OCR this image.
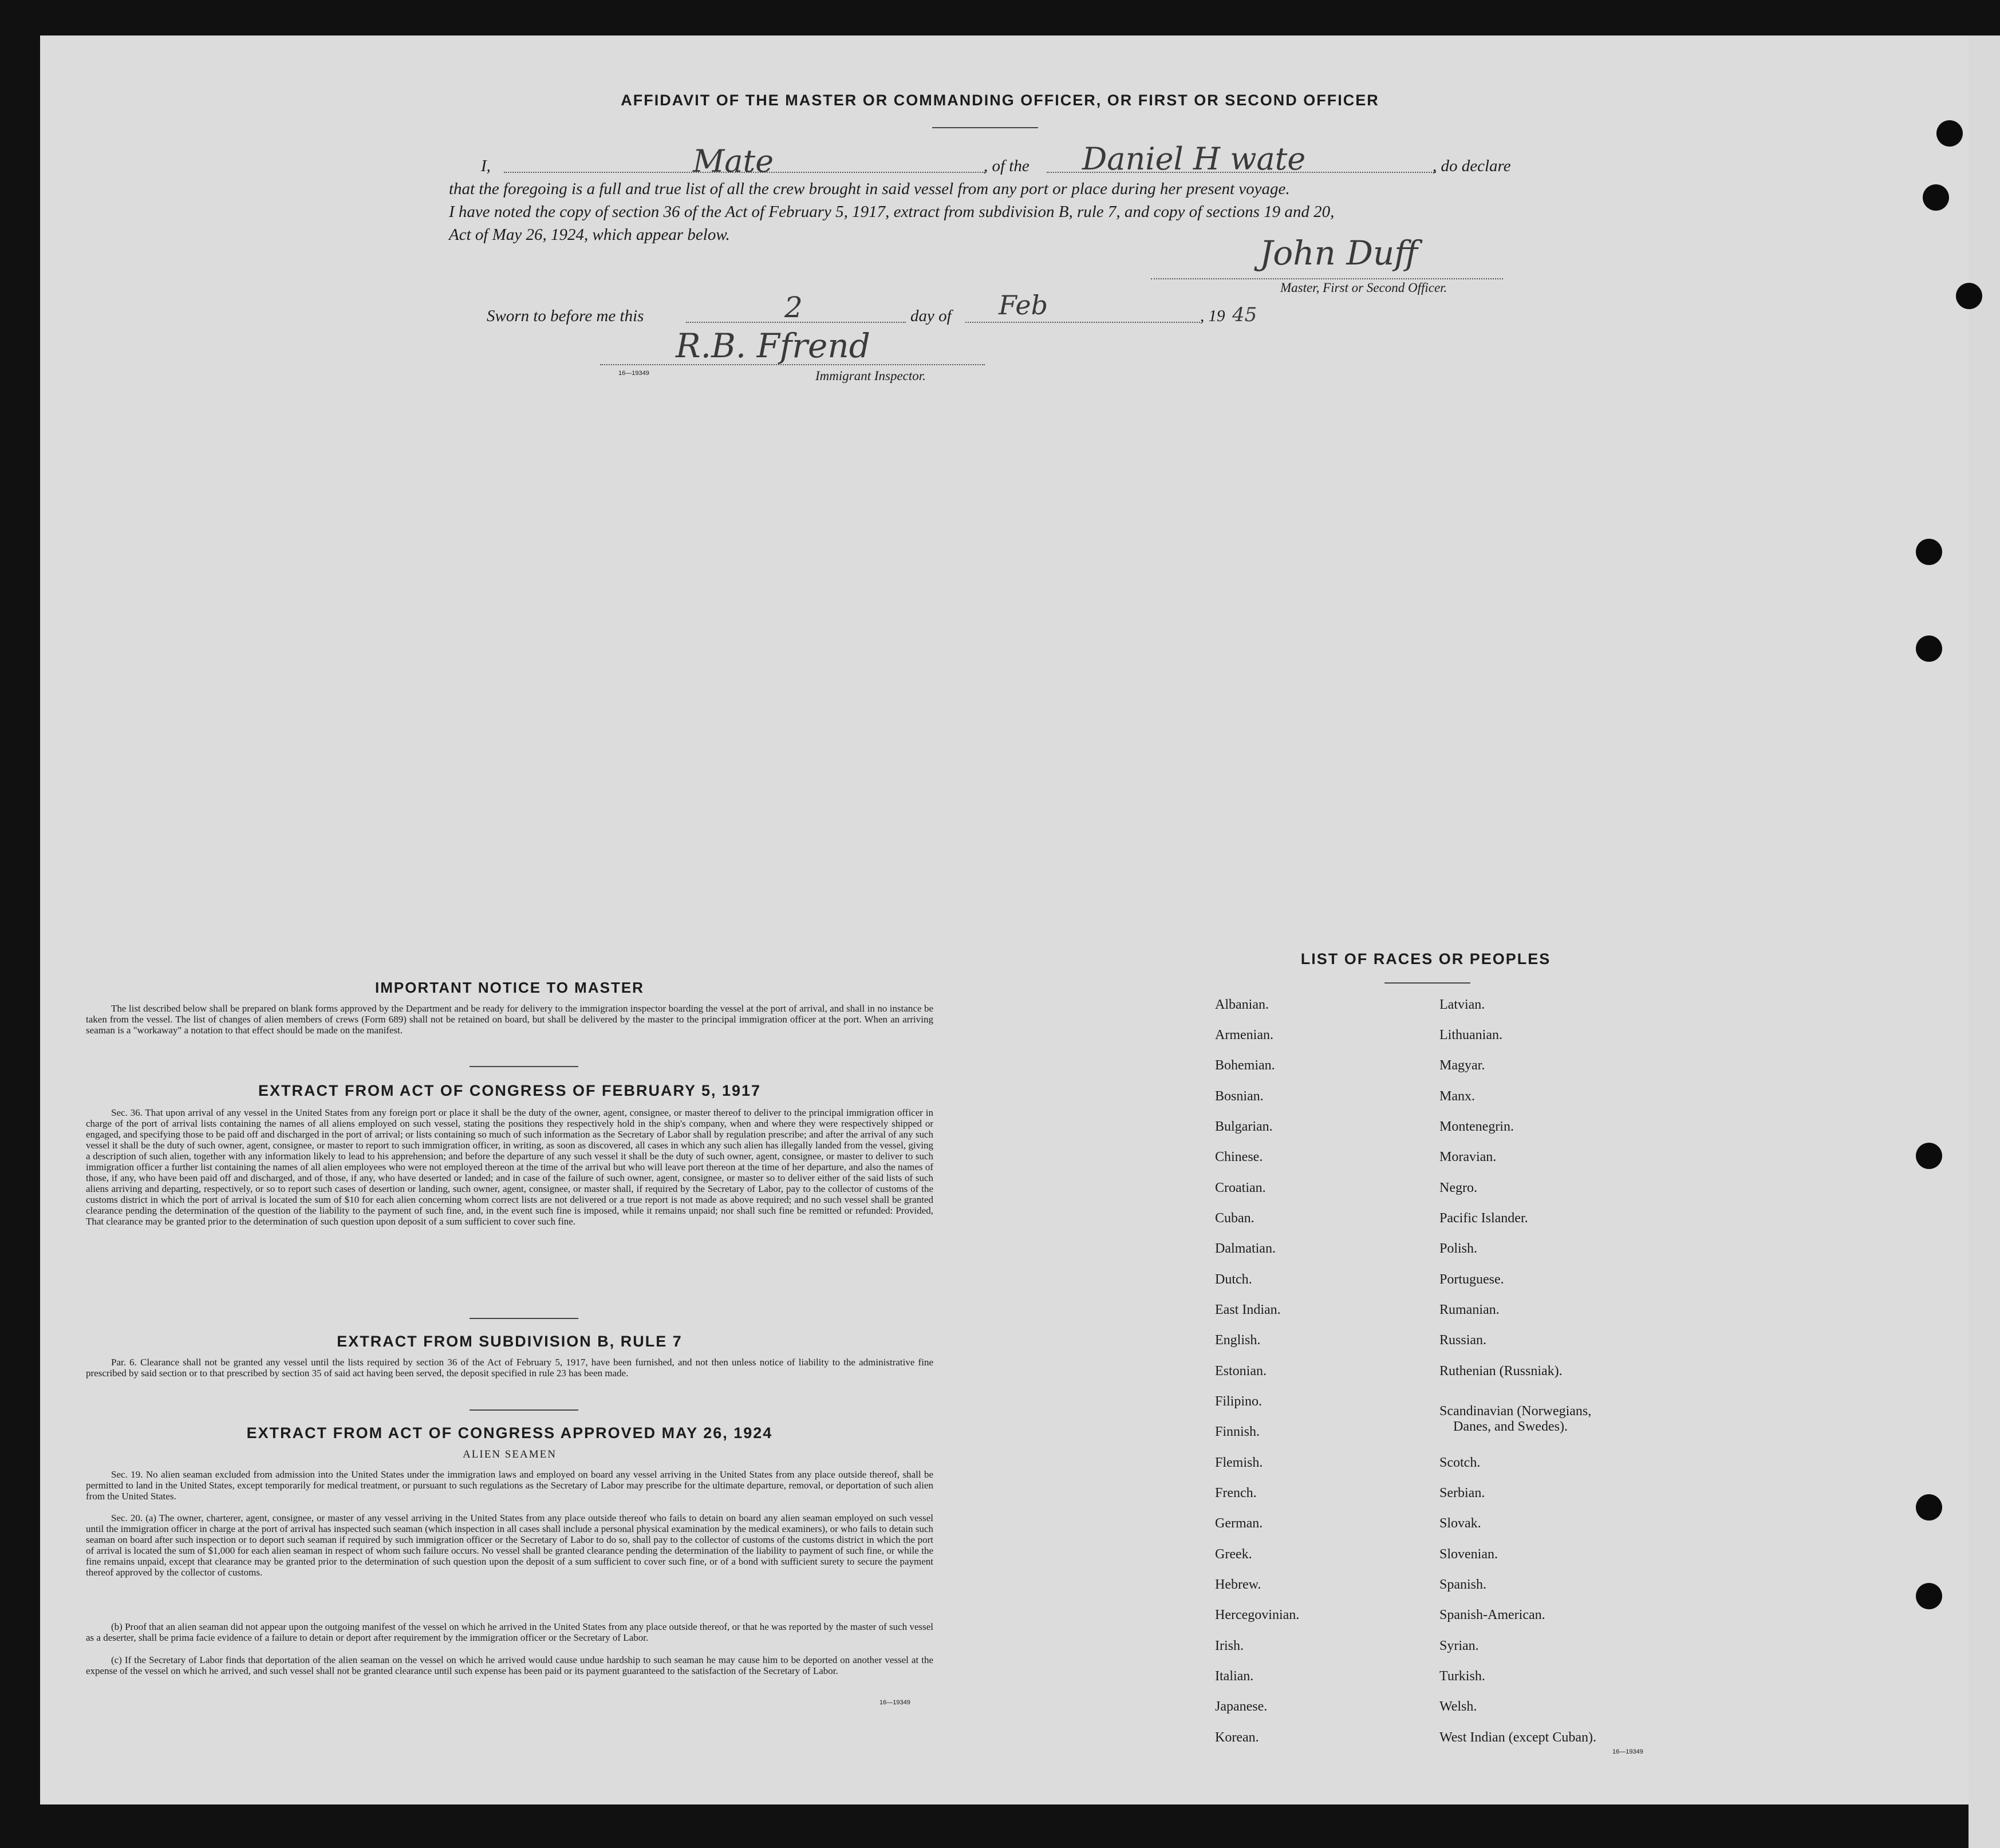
AFFIDAVIT OF THE MASTER OR COMMANDING OFFICER, OR FIRST OR SECOND OFFICER
I,	Mate	, of the Daniel H wate	, do declare
that the foregoing is a full and true list of all the crew brought in said vessel from any port or place during her present voyage.
I have noted the copy of section 36 of the Act of February 5, 1917, extract from subdivision B, rule 7, and copy of sections 19 and 20,
Act of May 26, 1924, which appear below.	John Duff
Master, First or Second Officer.
Sworn to before me this	2	day of Feb	, 19 45
R.B. Ffrend
16—19349	Immigrant Inspector.
IMPORTANT NOTICE TO MASTER
The list described below shall be prepared on blank forms approved by the Department and be ready for delivery to the immigration inspector boarding the vessel at the port of arrival, and shall in no instance be taken from the vessel. The list of changes of alien members of crews (Form 689) shall not be retained on board, but shall be delivered by the master to the principal immigration officer at the port. When an arriving seaman is a "workaway" a notation to that effect should be made on the manifest.
EXTRACT FROM ACT OF CONGRESS OF FEBRUARY 5, 1917
Sec. 36. That upon arrival of any vessel in the United States from any foreign port or place it shall be the duty of the owner, agent, consignee, or master thereof to deliver to the principal immigration officer in charge of the port of arrival lists containing the names of all aliens employed on such vessel, stating the positions they respectively hold in the ship's company, when and where they were respectively shipped or engaged, and specifying those to be paid off and discharged in the port of arrival; or lists containing so much of such information as the Secretary of Labor shall by regulation prescribe; and after the arrival of any such vessel it shall be the duty of such owner, agent, consignee, or master to report to such immigration officer, in writing, as soon as discovered, all cases in which any such alien has illegally landed from the vessel, giving a description of such alien, together with any information likely to lead to his apprehension; and before the departure of any such vessel it shall be the duty of such owner, agent, consignee, or master to deliver to such immigration officer a further list containing the names of all alien employees who were not employed thereon at the time of the arrival but who will leave port thereon at the time of her departure, and also the names of those, if any, who have been paid off and discharged, and of those, if any, who have deserted or landed; and in case of the failure of such owner, agent, consignee, or master so to deliver either of the said lists of such aliens arriving and departing, respectively, or so to report such cases of desertion or landing, such owner, agent, consignee, or master shall, if required by the Secretary of Labor, pay to the collector of customs of the customs district in which the port of arrival is located the sum of $10 for each alien concerning whom correct lists are not delivered or a true report is not made as above required; and no such vessel shall be granted clearance pending the determination of the question of the liability to the payment of such fine, and, in the event such fine is imposed, while it remains unpaid; nor shall such fine be remitted or refunded: Provided, That clearance may be granted prior to the determination of such question upon deposit of a sum sufficient to cover such fine.
EXTRACT FROM SUBDIVISION B, RULE 7
Par. 6. Clearance shall not be granted any vessel until the lists required by section 36 of the Act of February 5, 1917, have been furnished, and not then unless notice of liability to the administrative fine prescribed by said section or to that prescribed by section 35 of said act having been served, the deposit specified in rule 23 has been made.
EXTRACT FROM ACT OF CONGRESS APPROVED MAY 26, 1924
ALIEN SEAMEN
Sec. 19. No alien seaman excluded from admission into the United States under the immigration laws and employed on board any vessel arriving in the United States from any place outside thereof, shall be permitted to land in the United States, except temporarily for medical treatment, or pursuant to such regulations as the Secretary of Labor may prescribe for the ultimate departure, removal, or deportation of such alien from the United States.
Sec. 20. (a) The owner, charterer, agent, consignee, or master of any vessel arriving in the United States from any place outside thereof who fails to detain on board any alien seaman employed on such vessel until the immigration officer in charge at the port of arrival has inspected such seaman (which inspection in all cases shall include a personal physical examination by the medical examiners), or who fails to detain such seaman on board after such inspection or to deport such seaman if required by such immigration officer or the Secretary of Labor to do so, shall pay to the collector of customs of the customs district in which the port of arrival is located the sum of $1,000 for each alien seaman in respect of whom such failure occurs. No vessel shall be granted clearance pending the determination of the liability to payment of such fine, or while the fine remains unpaid, except that clearance may be granted prior to the determination of such question upon the deposit of a sum sufficient to cover such fine, or of a bond with sufficient surety to secure the payment thereof approved by the collector of customs.
(b) Proof that an alien seaman did not appear upon the outgoing manifest of the vessel on which he arrived in the United States from any place outside thereof, or that he was reported by the master of such vessel as a deserter, shall be prima facie evidence of a failure to detain or deport after requirement by the immigration officer or the Secretary of Labor.
(c) If the Secretary of Labor finds that deportation of the alien seaman on the vessel on which he arrived would cause undue hardship to such seaman he may cause him to be deported on another vessel at the expense of the vessel on which he arrived, and such vessel shall not be granted clearance until such expense has been paid or its payment guaranteed to the satisfaction of the Secretary of Labor.
16—19349
LIST OF RACES OR PEOPLES
Albanian.
Armenian.
Bohemian.
Bosnian.
Bulgarian.
Chinese.
Croatian.
Cuban.
Dalmatian.
Dutch.
East Indian.
English.
Estonian.
Filipino.
Finnish.
Flemish.
French.
German.
Greek.
Hebrew.
Hercegovinian.
Irish.
Italian.
Japanese.
Korean.
Latvian.
Lithuanian.
Magyar.
Manx.
Montenegrin.
Moravian.
Negro.
Pacific Islander.
Polish.
Portuguese.
Rumanian.
Russian.
Ruthenian (Russniak).
Scandinavian (Norwegians,
Danes, and Swedes).
Scotch.
Serbian.
Slovak.
Slovenian.
Spanish.
Spanish-American.
Syrian.
Turkish.
Welsh.
West Indian (except Cuban).
16—19349
